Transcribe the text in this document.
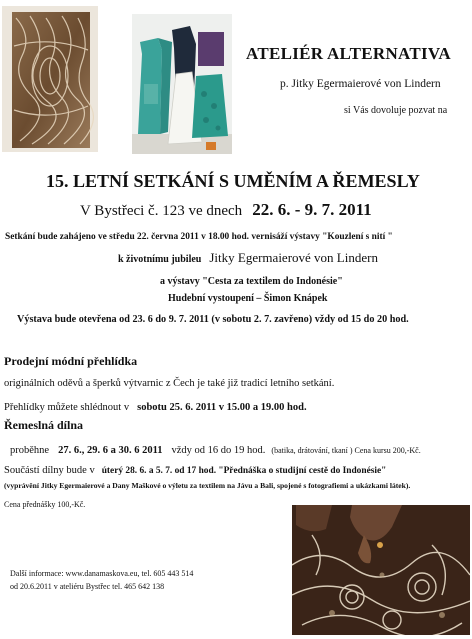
ATELIÉR ALTERNATIVA
p. Jitky Egermaierové von Lindern
si Vás dovoluje pozvat na
15. LETNÍ SETKÁNÍ S UMĚNÍM A ŘEMESLY
V Bystřeci č. 123 ve dnech 22. 6. - 9. 7. 2011
Setkání bude zahájeno ve středu 22. června 2011 v 18.00 hod. vernisáží výstavy "Kouzlení s nití "
k životnímu jubileu Jitky Egermaierové von Lindern
a výstavy "Cesta za textilem do Indonésie"
Hudební vystoupení – Šimon Knápek
Výstava bude otevřena od 23. 6 do 9. 7. 2011 (v sobotu 2. 7. zavřeno) vždy od 15 do 20 hod.
Prodejní módní přehlídka
originálních oděvů a šperků výtvarnic z Čech je také již tradicí letního setkání.
Přehlídky můžete shlédnout v sobotu 25. 6. 2011 v 15.00 a 19.00 hod.
Řemeslná dílna
proběhne 27. 6., 29. 6 a 30. 6 2011 vždy od 16 do 19 hod. (batika, drátování, tkaní ) Cena kursu 200,-Kč.
Součástí dílny bude v úterý 28. 6. a 5. 7. od 17 hod. "Přednáška o studijní cestě do Indonésie"
(vyprávění Jitky Egermaierové a Dany Maškové o výletu za textilem na Jávu a Bali, spojené s fotografiemi a ukázkami látek).
Cena přednášky 100,-Kč.
Další informace: www.danamaskova.eu, tel. 605 443 514
od 20.6.2011 v ateliéru Bystřec tel. 465 642 138
